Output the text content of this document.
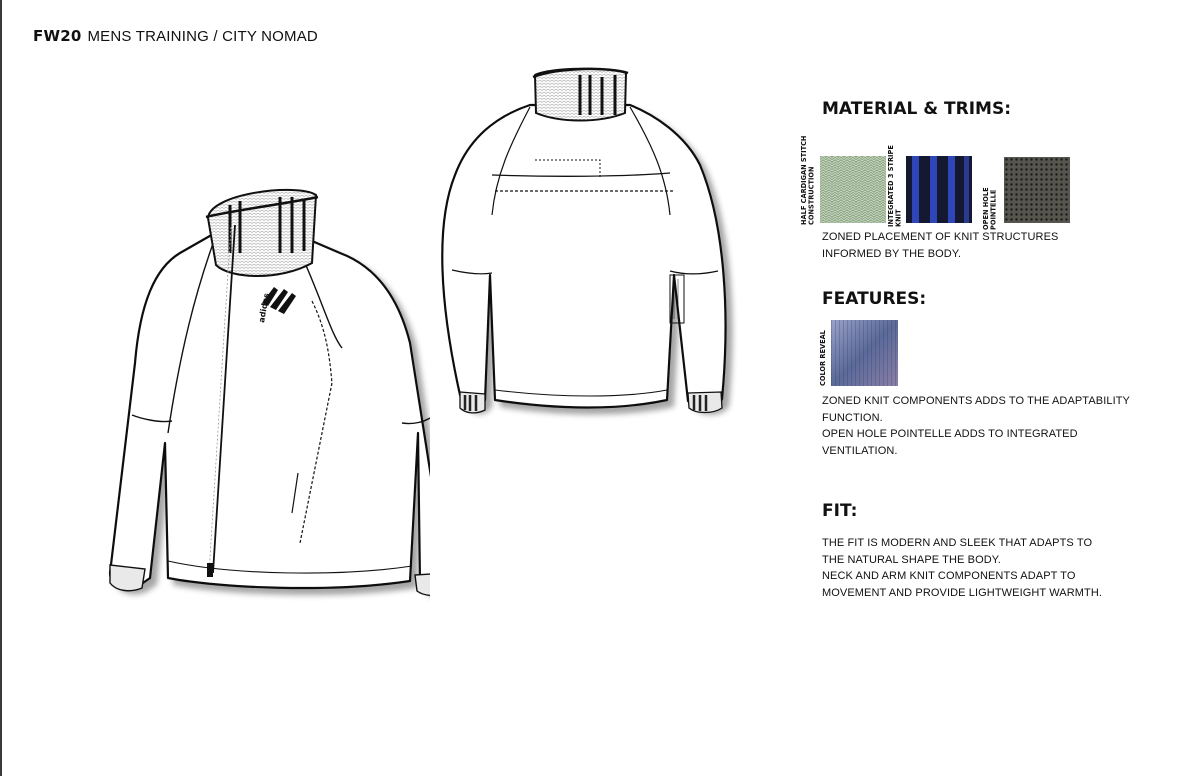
FW20 MENS TRAINING / CITY NOMAD
adidas
MATERIAL & TRIMS:
HALF CARDIGAN STITCH
CONSTRUCTION	INTEGRATED 3 STRIPE
KNIT	OPEN HOLE
POINTELLE
ZONED PLACEMENT OF KNIT STRUCTURES
INFORMED BY THE BODY.
FEATURES:
COLOR REVEAL
ZONED KNIT COMPONENTS ADDS TO THE ADAPTABILITY
FUNCTION.
OPEN HOLE POINTELLE ADDS TO INTEGRATED
VENTILATION.
FIT:
THE FIT IS MODERN AND SLEEK THAT ADAPTS TO
THE NATURAL SHAPE THE BODY.
NECK AND ARM KNIT COMPONENTS ADAPT TO
MOVEMENT AND PROVIDE LIGHTWEIGHT WARMTH.
